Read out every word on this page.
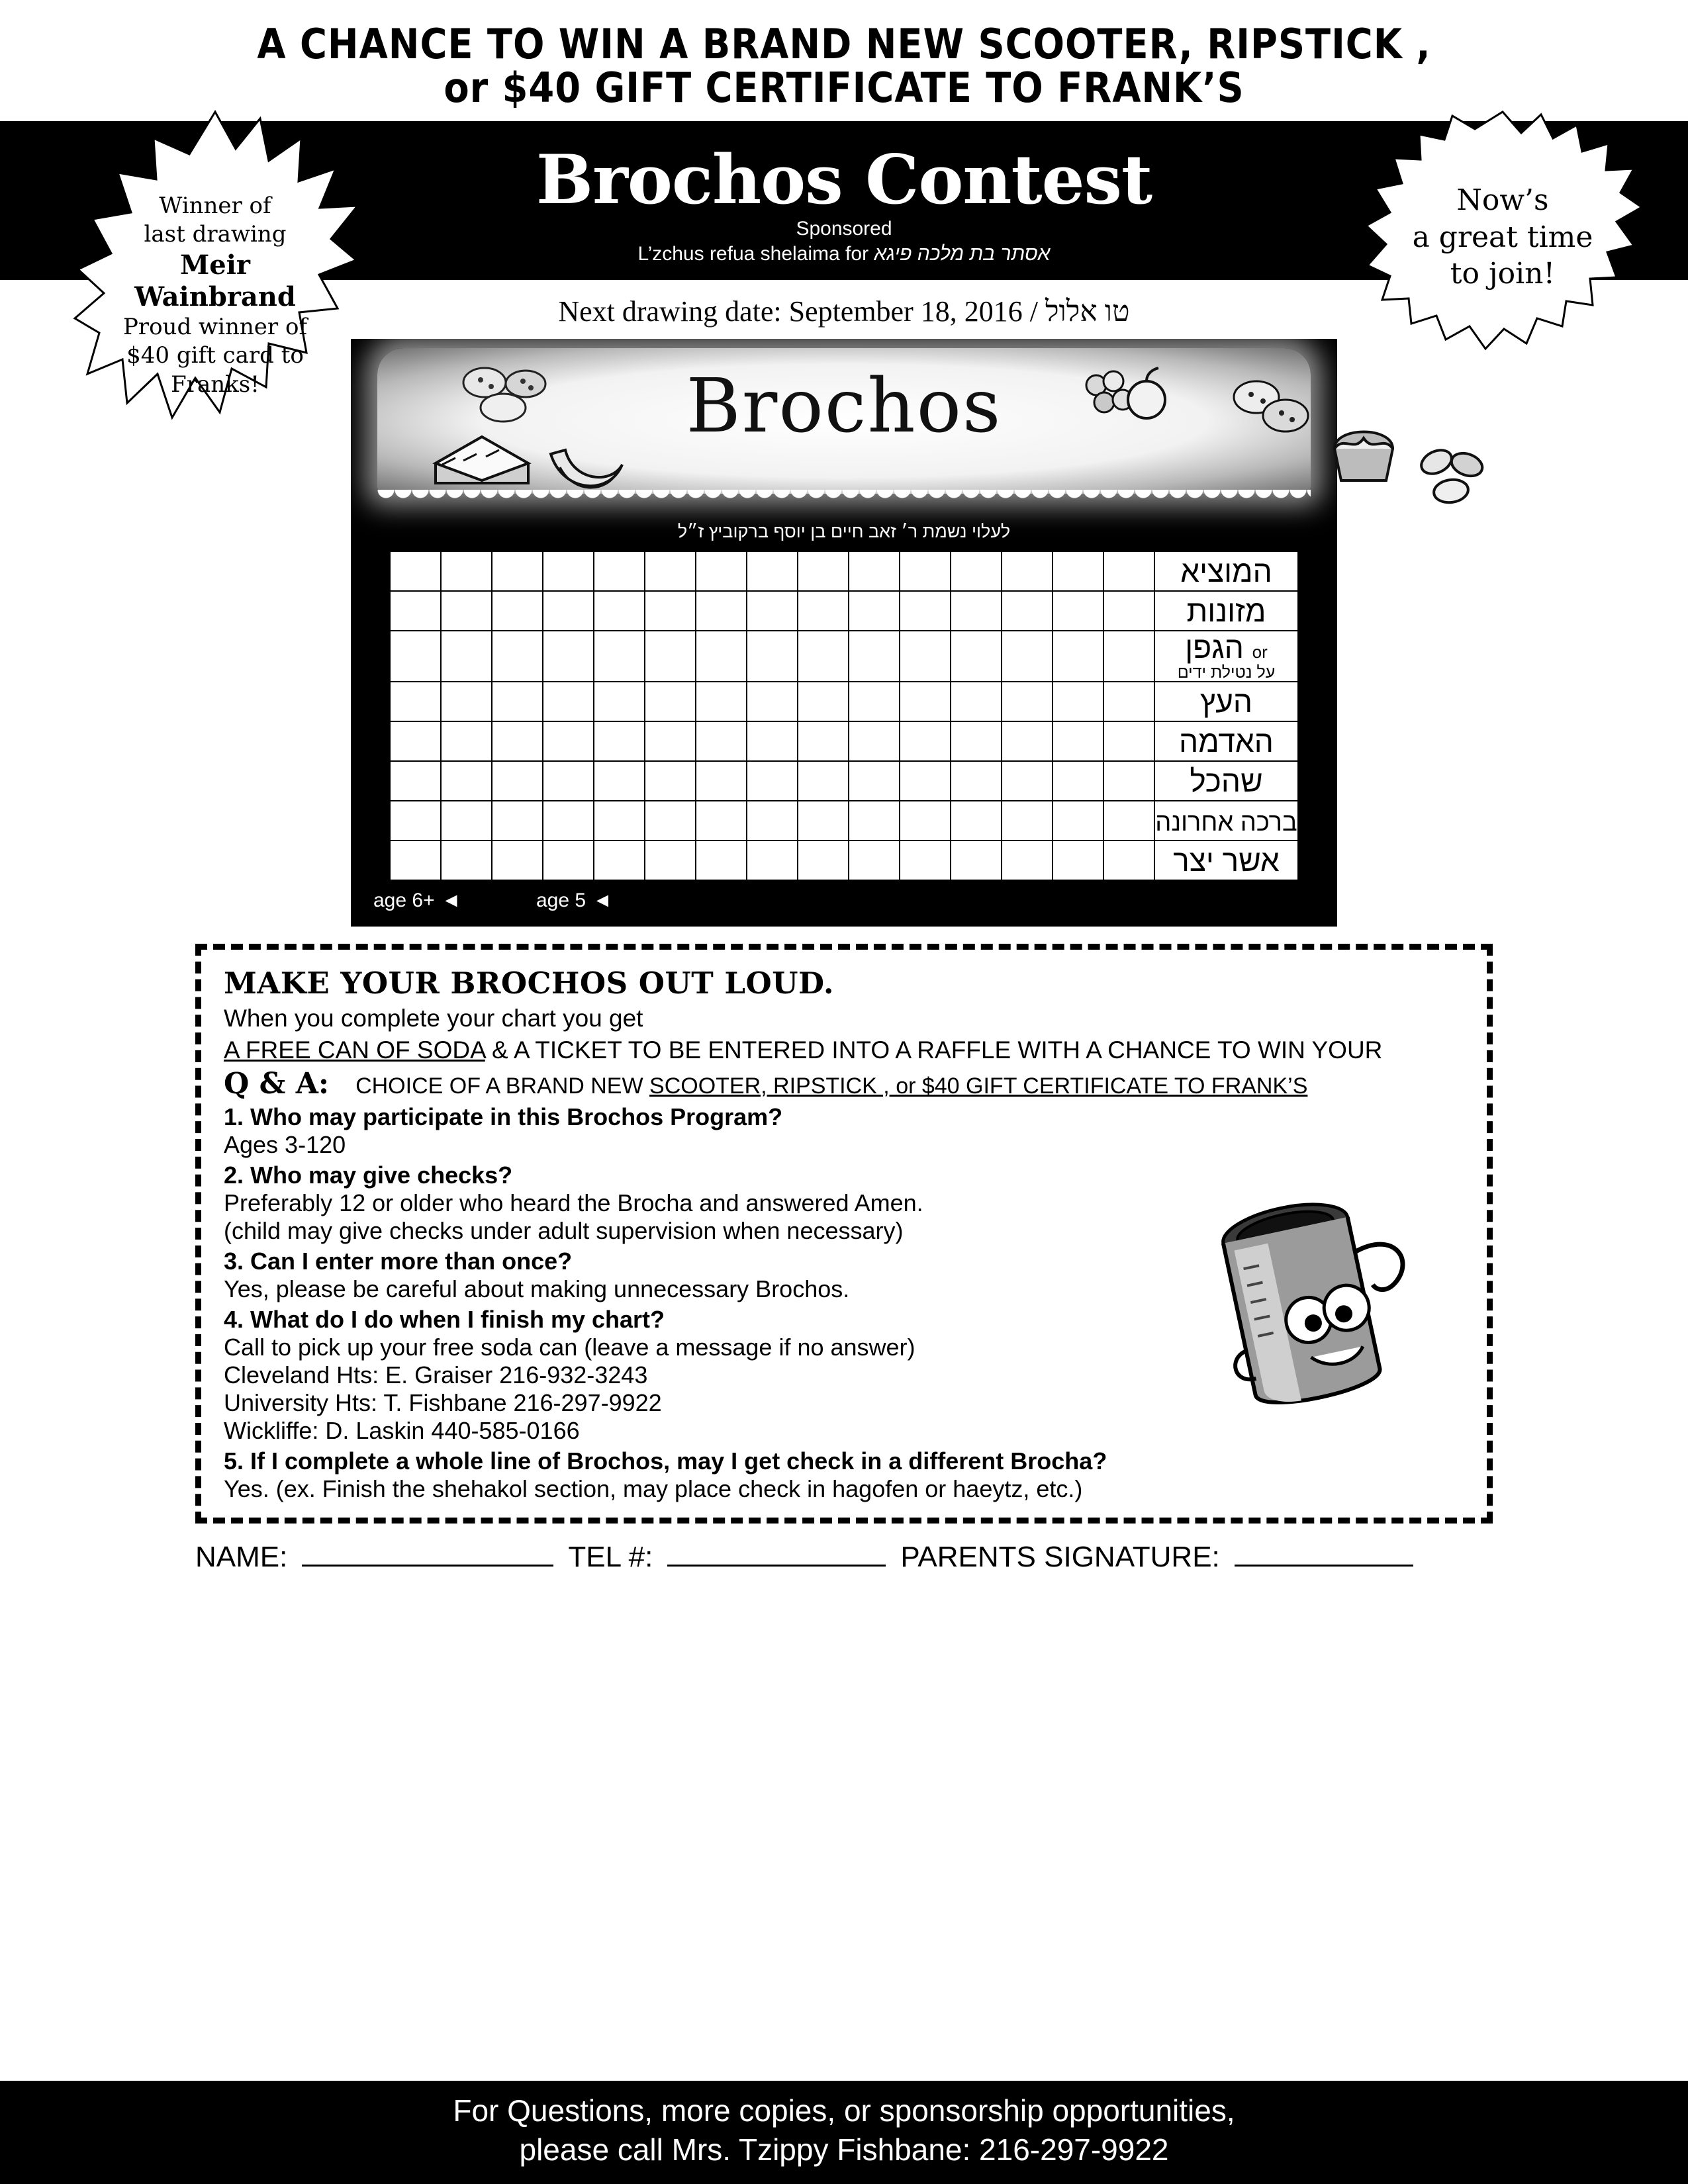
A CHANCE TO WIN A BRAND NEW SCOOTER, RIPSTICK ,
or $40 GIFT CERTIFICATE TO FRANK’S
Brochos Contest
Sponsored
L’zchus refua shelaima for אסתר בת מלכה פיגא
Winner of
last drawing
Meir
Wainbrand
Proud winner of
$40 gift card to
Franks!
Now’s
a great time
to join!
Next drawing date: September 18, 2016 / טו אלול
Brochos
לעלוי נשמת ר׳ זאב חיים בן יוסף ברקוביץ ז״ל
															המוציא
															מזונות
															or הגפן
על נטילת ידים

															העץ
															האדמה
															שהכל
															ברכה אחרונה
															אשר יצר
age 6+ ◄	age 5 ◄
MAKE YOUR BROCHOS OUT LOUD.
When you complete your chart you get
A FREE CAN OF SODA & A TICKET TO BE ENTERED INTO A RAFFLE WITH A CHANCE TO WIN YOUR
Q & A: CHOICE OF A BRAND NEW SCOOTER, RIPSTICK , or $40 GIFT CERTIFICATE TO FRANK’S
1. Who may participate in this Brochos Program?
Ages 3-120
2. Who may give checks?
Preferably 12 or older who heard the Brocha and answered Amen.
(child may give checks under adult supervision when necessary)
3. Can I enter more than once?
Yes, please be careful about making unnecessary Brochos.
4. What do I do when I finish my chart?
Call to pick up your free soda can (leave a message if no answer)
Cleveland Hts: E. Graiser 216-932-3243
University Hts: T. Fishbane 216-297-9922
Wickliffe: D. Laskin 440-585-0166
5. If I complete a whole line of Brochos, may I get check in a different Brocha?
Yes. (ex. Finish the shehakol section, may place check in hagofen or haeytz, etc.)
NAME:	TEL #:	PARENTS SIGNATURE:
For Questions, more copies, or sponsorship opportunities,
please call Mrs. Tzippy Fishbane: 216-297-9922
